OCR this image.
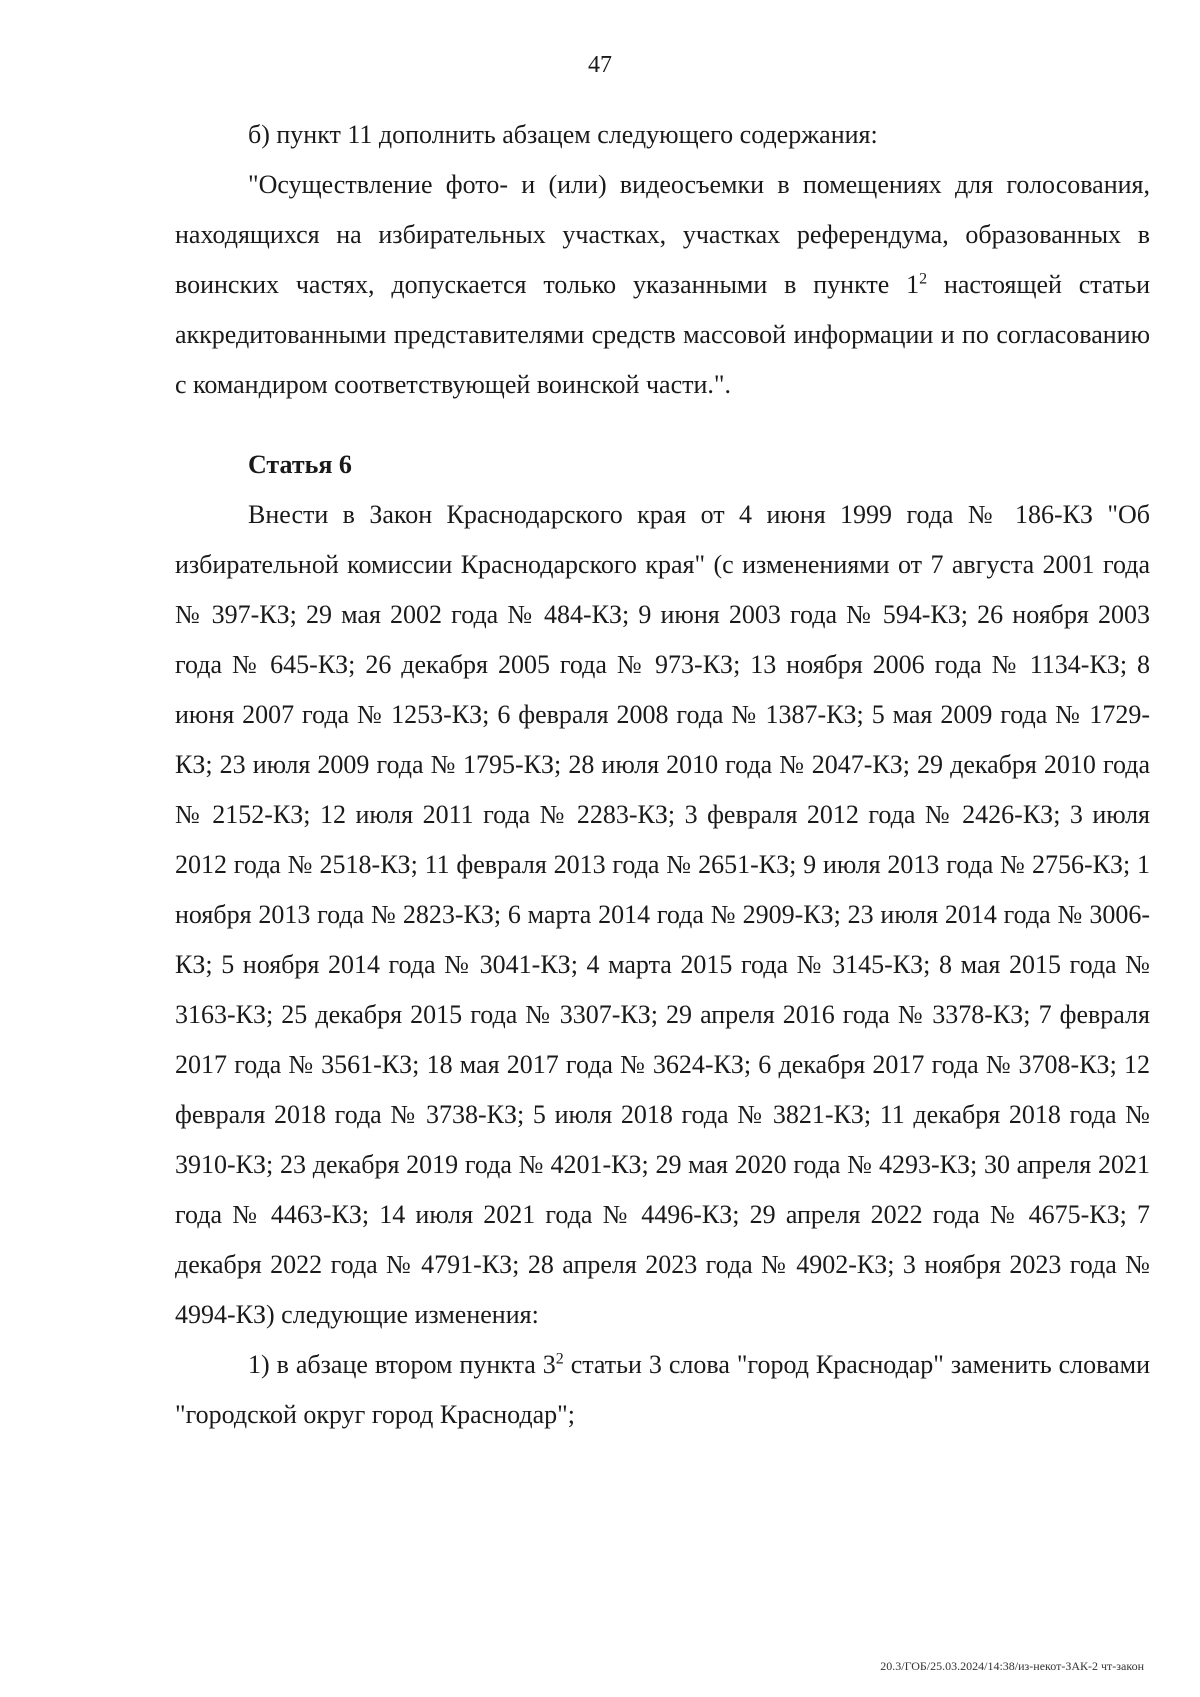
47

б) пункт 11 дополнить абзацем следующего содержания:

"Осуществление фото- и (или) видеосъемки в помещениях для голосования, находящихся на избирательных участках, участках референдума, образованных в воинских частях, допускается только указанными в пункте $1^2$ настоящей статьи аккредитованными представителями средств массовой информации и по согласованию с командиром соответствующей воинской части.".

Статья 6

Внести в Закон Краснодарского края от 4 июня 1999 года № 186-КЗ "Об избирательной комиссии Краснодарского края" (с изменениями от 7 августа 2001 года № 397-КЗ; 29 мая 2002 года № 484-КЗ; 9 июня 2003 года № 594-КЗ; 26 ноября 2003 года № 645-КЗ; 26 декабря 2005 года № 973-КЗ; 13 ноября 2006 года № 1134-КЗ; 8 июня 2007 года № 1253-КЗ; 6 февраля 2008 года № 1387-КЗ; 5 мая 2009 года № 1729-КЗ; 23 июля 2009 года № 1795-КЗ; 28 июля 2010 года № 2047-КЗ; 29 декабря 2010 года № 2152-КЗ; 12 июля 2011 года № 2283-КЗ; 3 февраля 2012 года № 2426-КЗ; 3 июля 2012 года № 2518-КЗ; 11 февраля 2013 года № 2651-КЗ; 9 июля 2013 года № 2756-КЗ; 1 ноября 2013 года № 2823-КЗ; 6 марта 2014 года № 2909-КЗ; 23 июля 2014 года № 3006-КЗ; 5 ноября 2014 года № 3041-КЗ; 4 марта 2015 года № 3145-КЗ; 8 мая 2015 года № 3163-КЗ; 25 декабря 2015 года № 3307-КЗ; 29 апреля 2016 года № 3378-КЗ; 7 февраля 2017 года № 3561-КЗ; 18 мая 2017 года № 3624-КЗ; 6 декабря 2017 года № 3708-КЗ; 12 февраля 2018 года № 3738-КЗ; 5 июля 2018 года № 3821-КЗ; 11 декабря 2018 года № 3910-КЗ; 23 декабря 2019 года № 4201-КЗ; 29 мая 2020 года № 4293-КЗ; 30 апреля 2021 года № 4463-КЗ; 14 июля 2021 года № 4496-КЗ; 29 апреля 2022 года № 4675-КЗ; 7 декабря 2022 года № 4791-КЗ; 28 апреля 2023 года № 4902-КЗ; 3 ноября 2023 года № 4994-КЗ) следующие изменения:

1) в абзаце втором пункта $3^2$ статьи 3 слова "город Краснодар" заменить словами "городской округ город Краснодар";

20.3/ГОБ/25.03.2024/14:38/из-некот-ЗАК-2 чт-закон
